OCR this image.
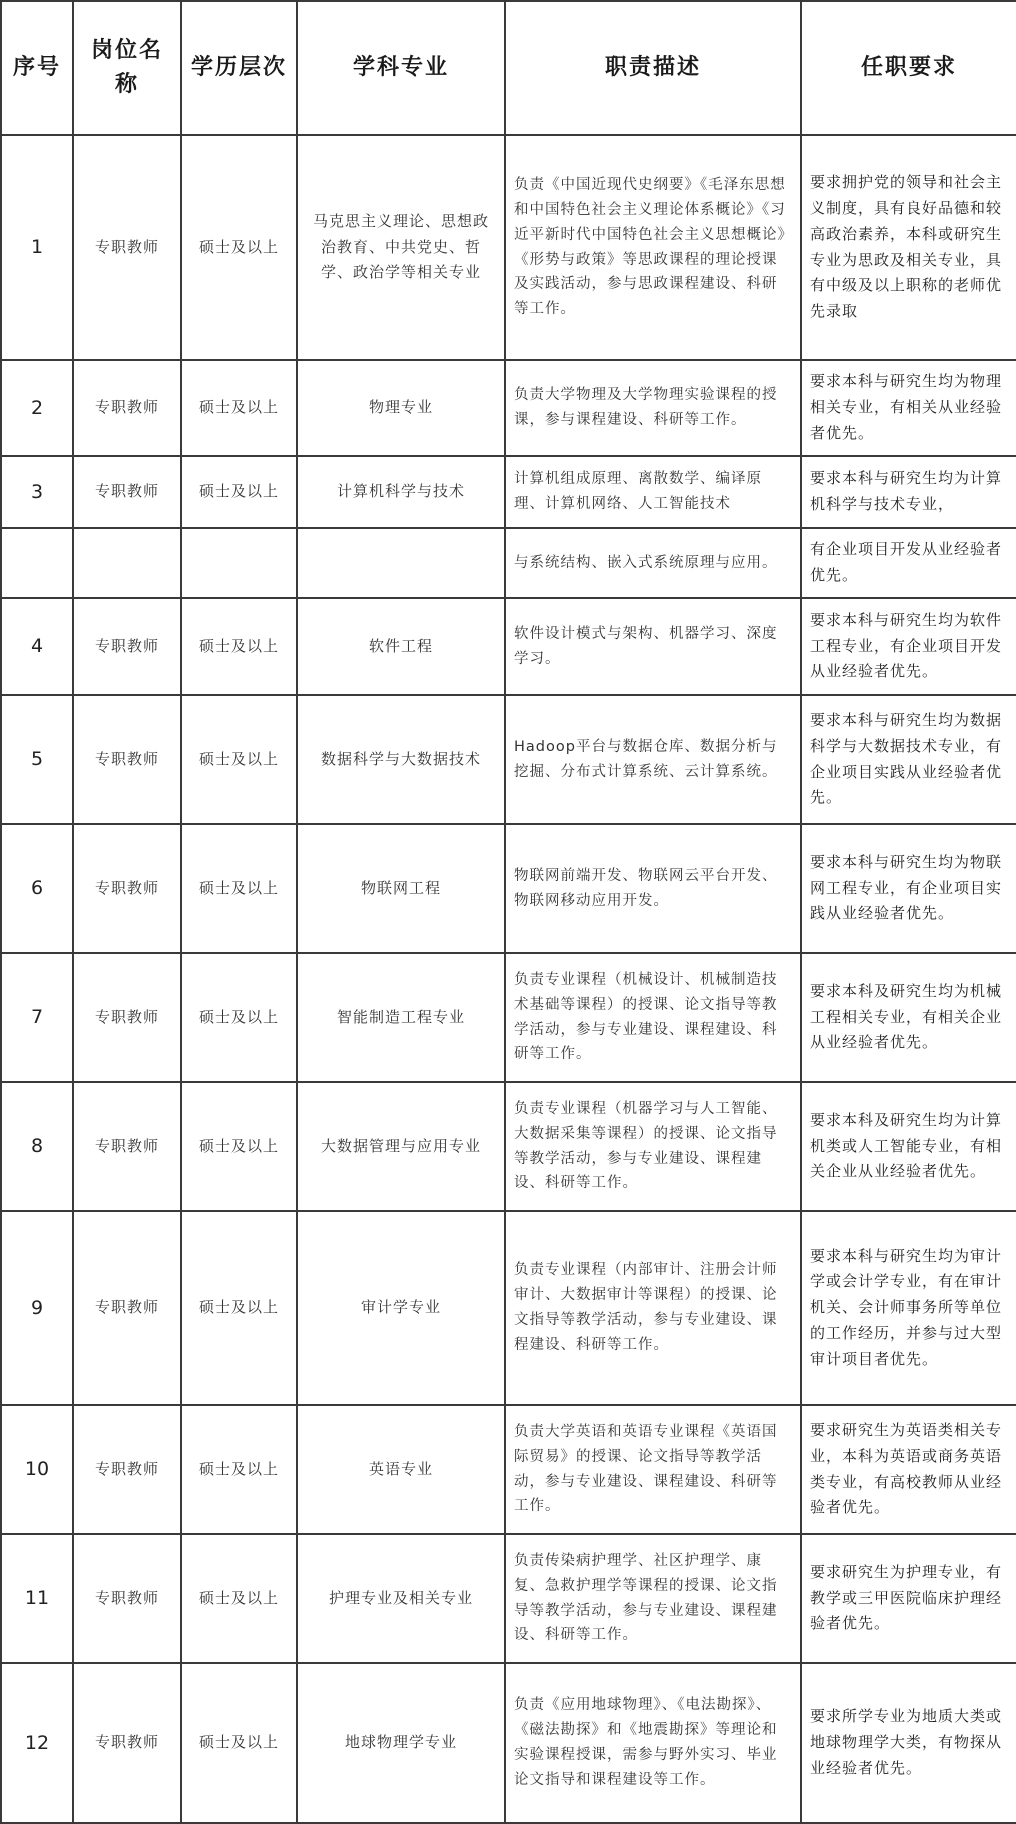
序号	岗位名称	学历层次	学科专业	职责描述	任职要求
1	专职教师	硕士及以上	马克思主义理论、思想政治教育、中共党史、哲学、政治学等相关专业	负责《中国近现代史纲要》《毛泽东思想和中国特色社会主义理论体系概论》《习近平新时代中国特色社会主义思想概论》《形势与政策》等思政课程的理论授课及实践活动，参与思政课程建设、科研等工作。	要求拥护党的领导和社会主义制度，具有良好品德和较高政治素养，本科或研究生专业为思政及相关专业，具有中级及以上职称的老师优先录取
2	专职教师	硕士及以上	物理专业	负责大学物理及大学物理实验课程的授课，参与课程建设、科研等工作。	要求本科与研究生均为物理相关专业，有相关从业经验者优先。
3	专职教师	硕士及以上	计算机科学与技术	计算机组成原理、离散数学、编译原理、计算机网络、人工智能技术	要求本科与研究生均为计算机科学与技术专业，
				与系统结构、嵌入式系统原理与应用。	有企业项目开发从业经验者优先。
4	专职教师	硕士及以上	软件工程	软件设计模式与架构、机器学习、深度学习。	要求本科与研究生均为软件工程专业，有企业项目开发从业经验者优先。
5	专职教师	硕士及以上	数据科学与大数据技术	Hadoop平台与数据仓库、数据分析与挖掘、分布式计算系统、云计算系统。	要求本科与研究生均为数据科学与大数据技术专业，有企业项目实践从业经验者优先。
6	专职教师	硕士及以上	物联网工程	物联网前端开发、物联网云平台开发、物联网移动应用开发。	要求本科与研究生均为物联网工程专业，有企业项目实践从业经验者优先。
7	专职教师	硕士及以上	智能制造工程专业	负责专业课程（机械设计、机械制造技术基础等课程）的授课、论文指导等教学活动，参与专业建设、课程建设、科研等工作。	要求本科及研究生均为机械工程相关专业，有相关企业从业经验者优先。
8	专职教师	硕士及以上	大数据管理与应用专业	负责专业课程（机器学习与人工智能、大数据采集等课程）的授课、论文指导等教学活动，参与专业建设、课程建设、科研等工作。	要求本科及研究生均为计算机类或人工智能专业，有相关企业从业经验者优先。
9	专职教师	硕士及以上	审计学专业	负责专业课程（内部审计、注册会计师审计、大数据审计等课程）的授课、论文指导等教学活动，参与专业建设、课程建设、科研等工作。	要求本科与研究生均为审计学或会计学专业，有在审计机关、会计师事务所等单位的工作经历，并参与过大型审计项目者优先。
10	专职教师	硕士及以上	英语专业	负责大学英语和英语专业课程《英语国际贸易》的授课、论文指导等教学活动，参与专业建设、课程建设、科研等工作。	要求研究生为英语类相关专业，本科为英语或商务英语类专业，有高校教师从业经验者优先。
11	专职教师	硕士及以上	护理专业及相关专业	负责传染病护理学、社区护理学、康复、急救护理学等课程的授课、论文指导等教学活动，参与专业建设、课程建设、科研等工作。	要求研究生为护理专业，有教学或三甲医院临床护理经验者优先。
12	专职教师	硕士及以上	地球物理学专业	负责《应用地球物理》、《电法勘探》、《磁法勘探》和《地震勘探》等理论和实验课程授课，需参与野外实习、毕业论文指导和课程建设等工作。	要求所学专业为地质大类或地球物理学大类，有物探从业经验者优先。
